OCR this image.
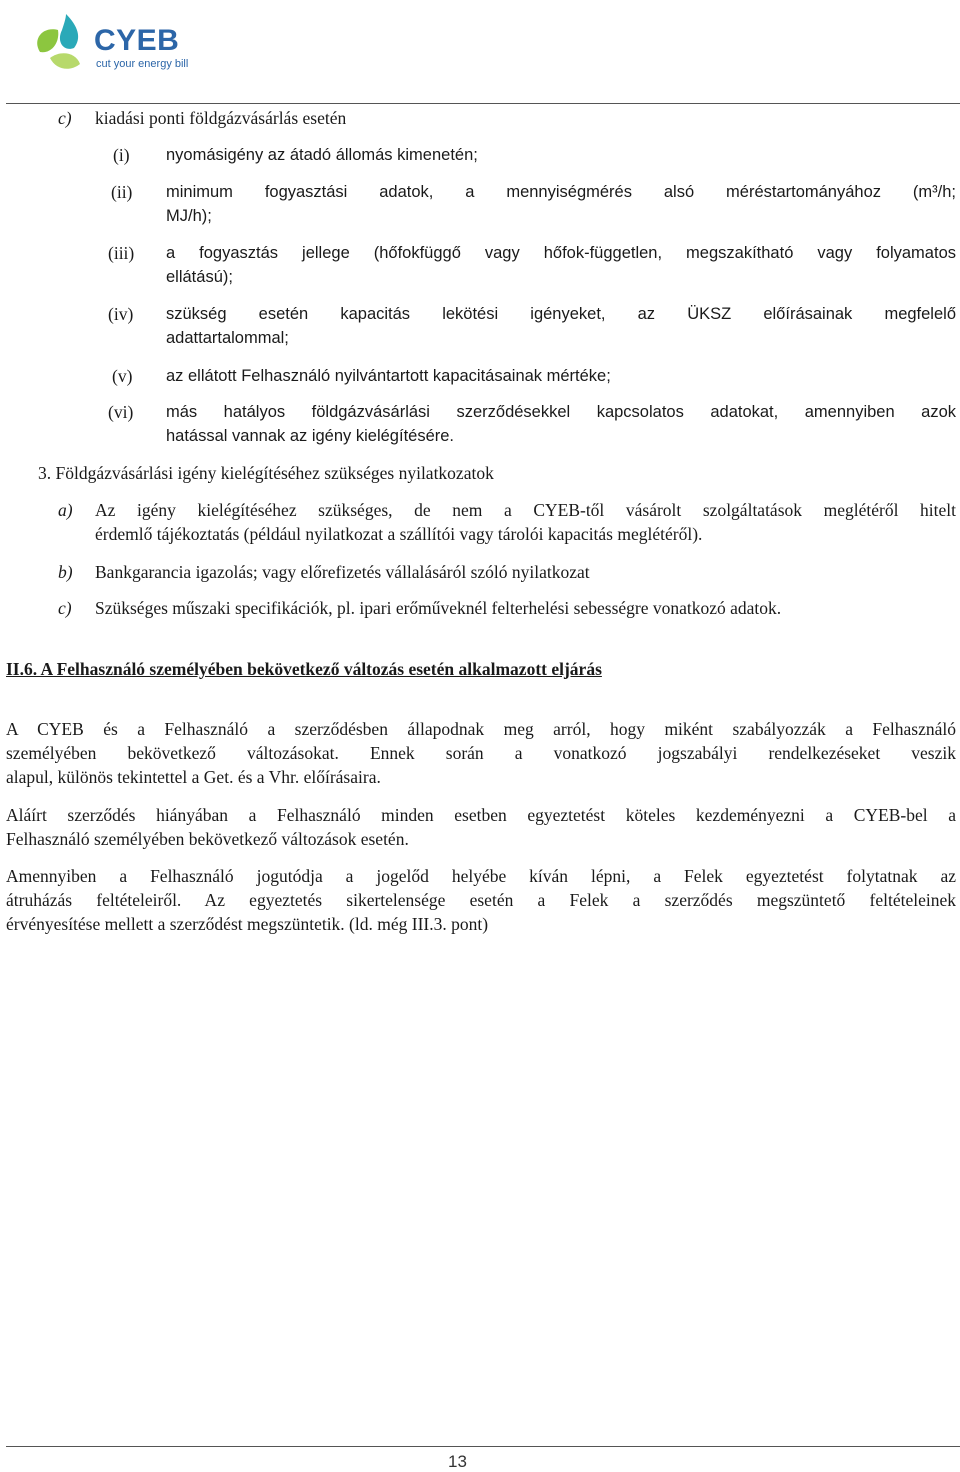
CYEB
cut your energy bill
c) kiadási ponti földgázvásárlás esetén
(i) nyomásigény az átadó állomás kimenetén;
(ii) minimum fogyasztási adatok, a mennyiségmérés alsó méréstartományához (m³/h;
MJ/h);
(iii) a fogyasztás jellege (hőfokfüggő vagy hőfok-független, megszakítható vagy folyamatos
ellátású);
(iv) szükség esetén kapacitás lekötési igényeket, az ÜKSZ előírásainak megfelelő
adattartalommal;
(v) az ellátott Felhasználó nyilvántartott kapacitásainak mértéke;
(vi) más hatályos földgázvásárlási szerződésekkel kapcsolatos adatokat, amennyiben azok
hatással vannak az igény kielégítésére.
3. Földgázvásárlási igény kielégítéséhez szükséges nyilatkozatok
a) Az igény kielégítéséhez szükséges, de nem a CYEB-től vásárolt szolgáltatások meglétéről hitelt
érdemlő tájékoztatás (például nyilatkozat a szállítói vagy tárolói kapacitás meglétéről).
b) Bankgarancia igazolás; vagy előrefizetés vállalásáról szóló nyilatkozat
c) Szükséges műszaki specifikációk, pl. ipari erőműveknél felterhelési sebességre vonatkozó adatok.
II.6. A Felhasználó személyében bekövetkező változás esetén alkalmazott eljárás
A CYEB és a Felhasználó a szerződésben állapodnak meg arról, hogy miként szabályozzák a Felhasználó
személyében bekövetkező változásokat. Ennek során a vonatkozó jogszabályi rendelkezéseket veszik
alapul, különös tekintettel a Get. és a Vhr. előírásaira.
Aláírt szerződés hiányában a Felhasználó minden esetben egyeztetést köteles kezdeményezni a CYEB-bel a
Felhasználó személyében bekövetkező változások esetén.
Amennyiben a Felhasználó jogutódja a jogelőd helyébe kíván lépni, a Felek egyeztetést folytatnak az
átruházás feltételeiről. Az egyeztetés sikertelensége esetén a Felek a szerződés megszüntető feltételeinek
érvényesítése mellett a szerződést megszüntetik. (ld. még III.3. pont)
13
